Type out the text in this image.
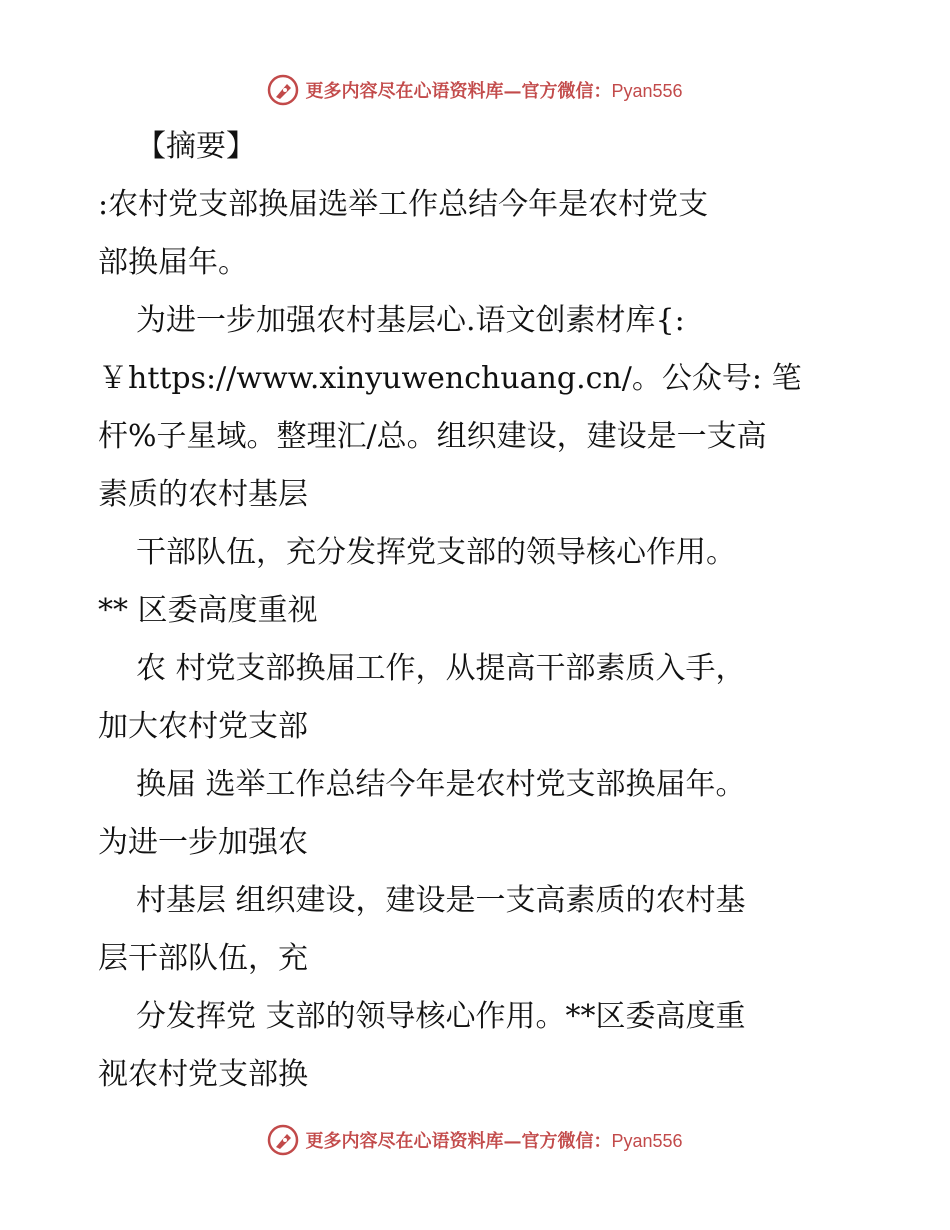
更多内容尽在心语资料库—官方微信：Pyan556
【摘要】
:农村党支部换届选举工作总结今年是农村党支
部换届年。
为进一步加强农村基层心.语文创素材库{:
￥https://www.xinyuwenchuang.cn/。公众号: 笔
杆%子星域。整理汇/总。组织建设，建设是一支高
素质的农村基层
干部队伍，充分发挥党支部的领导核心作用。
** 区委高度重视
农 村党支部换届工作，从提高干部素质入手，
加大农村党支部
换届 选举工作总结今年是农村党支部换届年。
为进一步加强农
村基层 组织建设，建设是一支高素质的农村基
层干部队伍，充
分发挥党 支部的领导核心作用。**区委高度重
视农村党支部换
更多内容尽在心语资料库—官方微信：Pyan556
